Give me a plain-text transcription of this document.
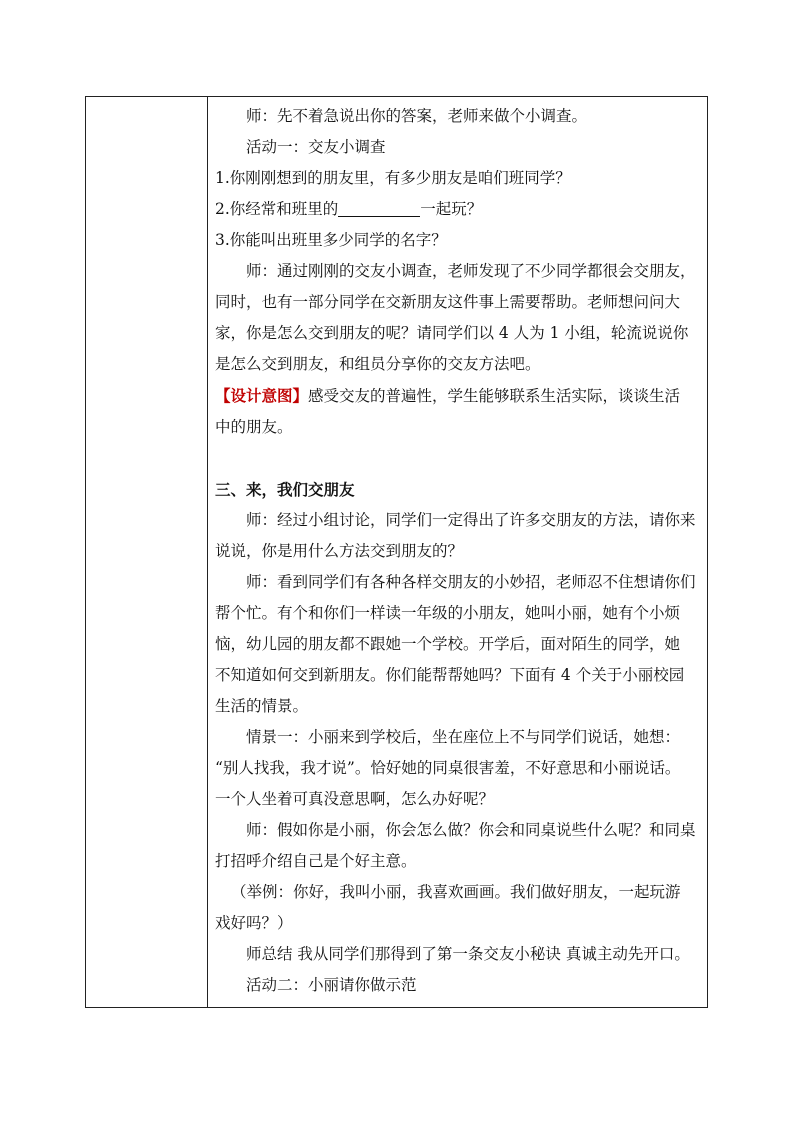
师：先不着急说出你的答案，老师来做个小调查。

活动一：交友小调查

1.你刚刚想到的朋友里，有多少朋友是咱们班同学？

2.你经常和班里的	一起玩？

3.你能叫出班里多少同学的名字？

师：通过刚刚的交友小调查，老师发现了不少同学都很会交朋友，

同时，也有一部分同学在交新朋友这件事上需要帮助。老师想问问大

家，你是怎么交到朋友的呢？请同学们以 4 人为 1 小组，轮流说说你

是怎么交到朋友，和组员分享你的交友方法吧。

【设计意图】感受交友的普遍性，学生能够联系生活实际，谈谈生活

中的朋友。

三、来，我们交朋友

师：经过小组讨论，同学们一定得出了许多交朋友的方法，请你来

说说，你是用什么方法交到朋友的？

师：看到同学们有各种各样交朋友的小妙招，老师忍不住想请你们

帮个忙。有个和你们一样读一年级的小朋友，她叫小丽，她有个小烦

恼，幼儿园的朋友都不跟她一个学校。开学后，面对陌生的同学，她

不知道如何交到新朋友。你们能帮帮她吗？下面有 4 个关于小丽校园

生活的情景。

情景一：小丽来到学校后，坐在座位上不与同学们说话，她想：

“别人找我，我才说”。恰好她的同桌很害羞，不好意思和小丽说话。

一个人坐着可真没意思啊，怎么办好呢？

师：假如你是小丽，你会怎么做？你会和同桌说些什么呢？和同桌

打招呼介绍自己是个好主意。

（举例：你好，我叫小丽，我喜欢画画。我们做好朋友，一起玩游

戏好吗？）

师总结 我从同学们那得到了第一条交友小秘诀 真诚主动先开口。

活动二：小丽请你做示范
